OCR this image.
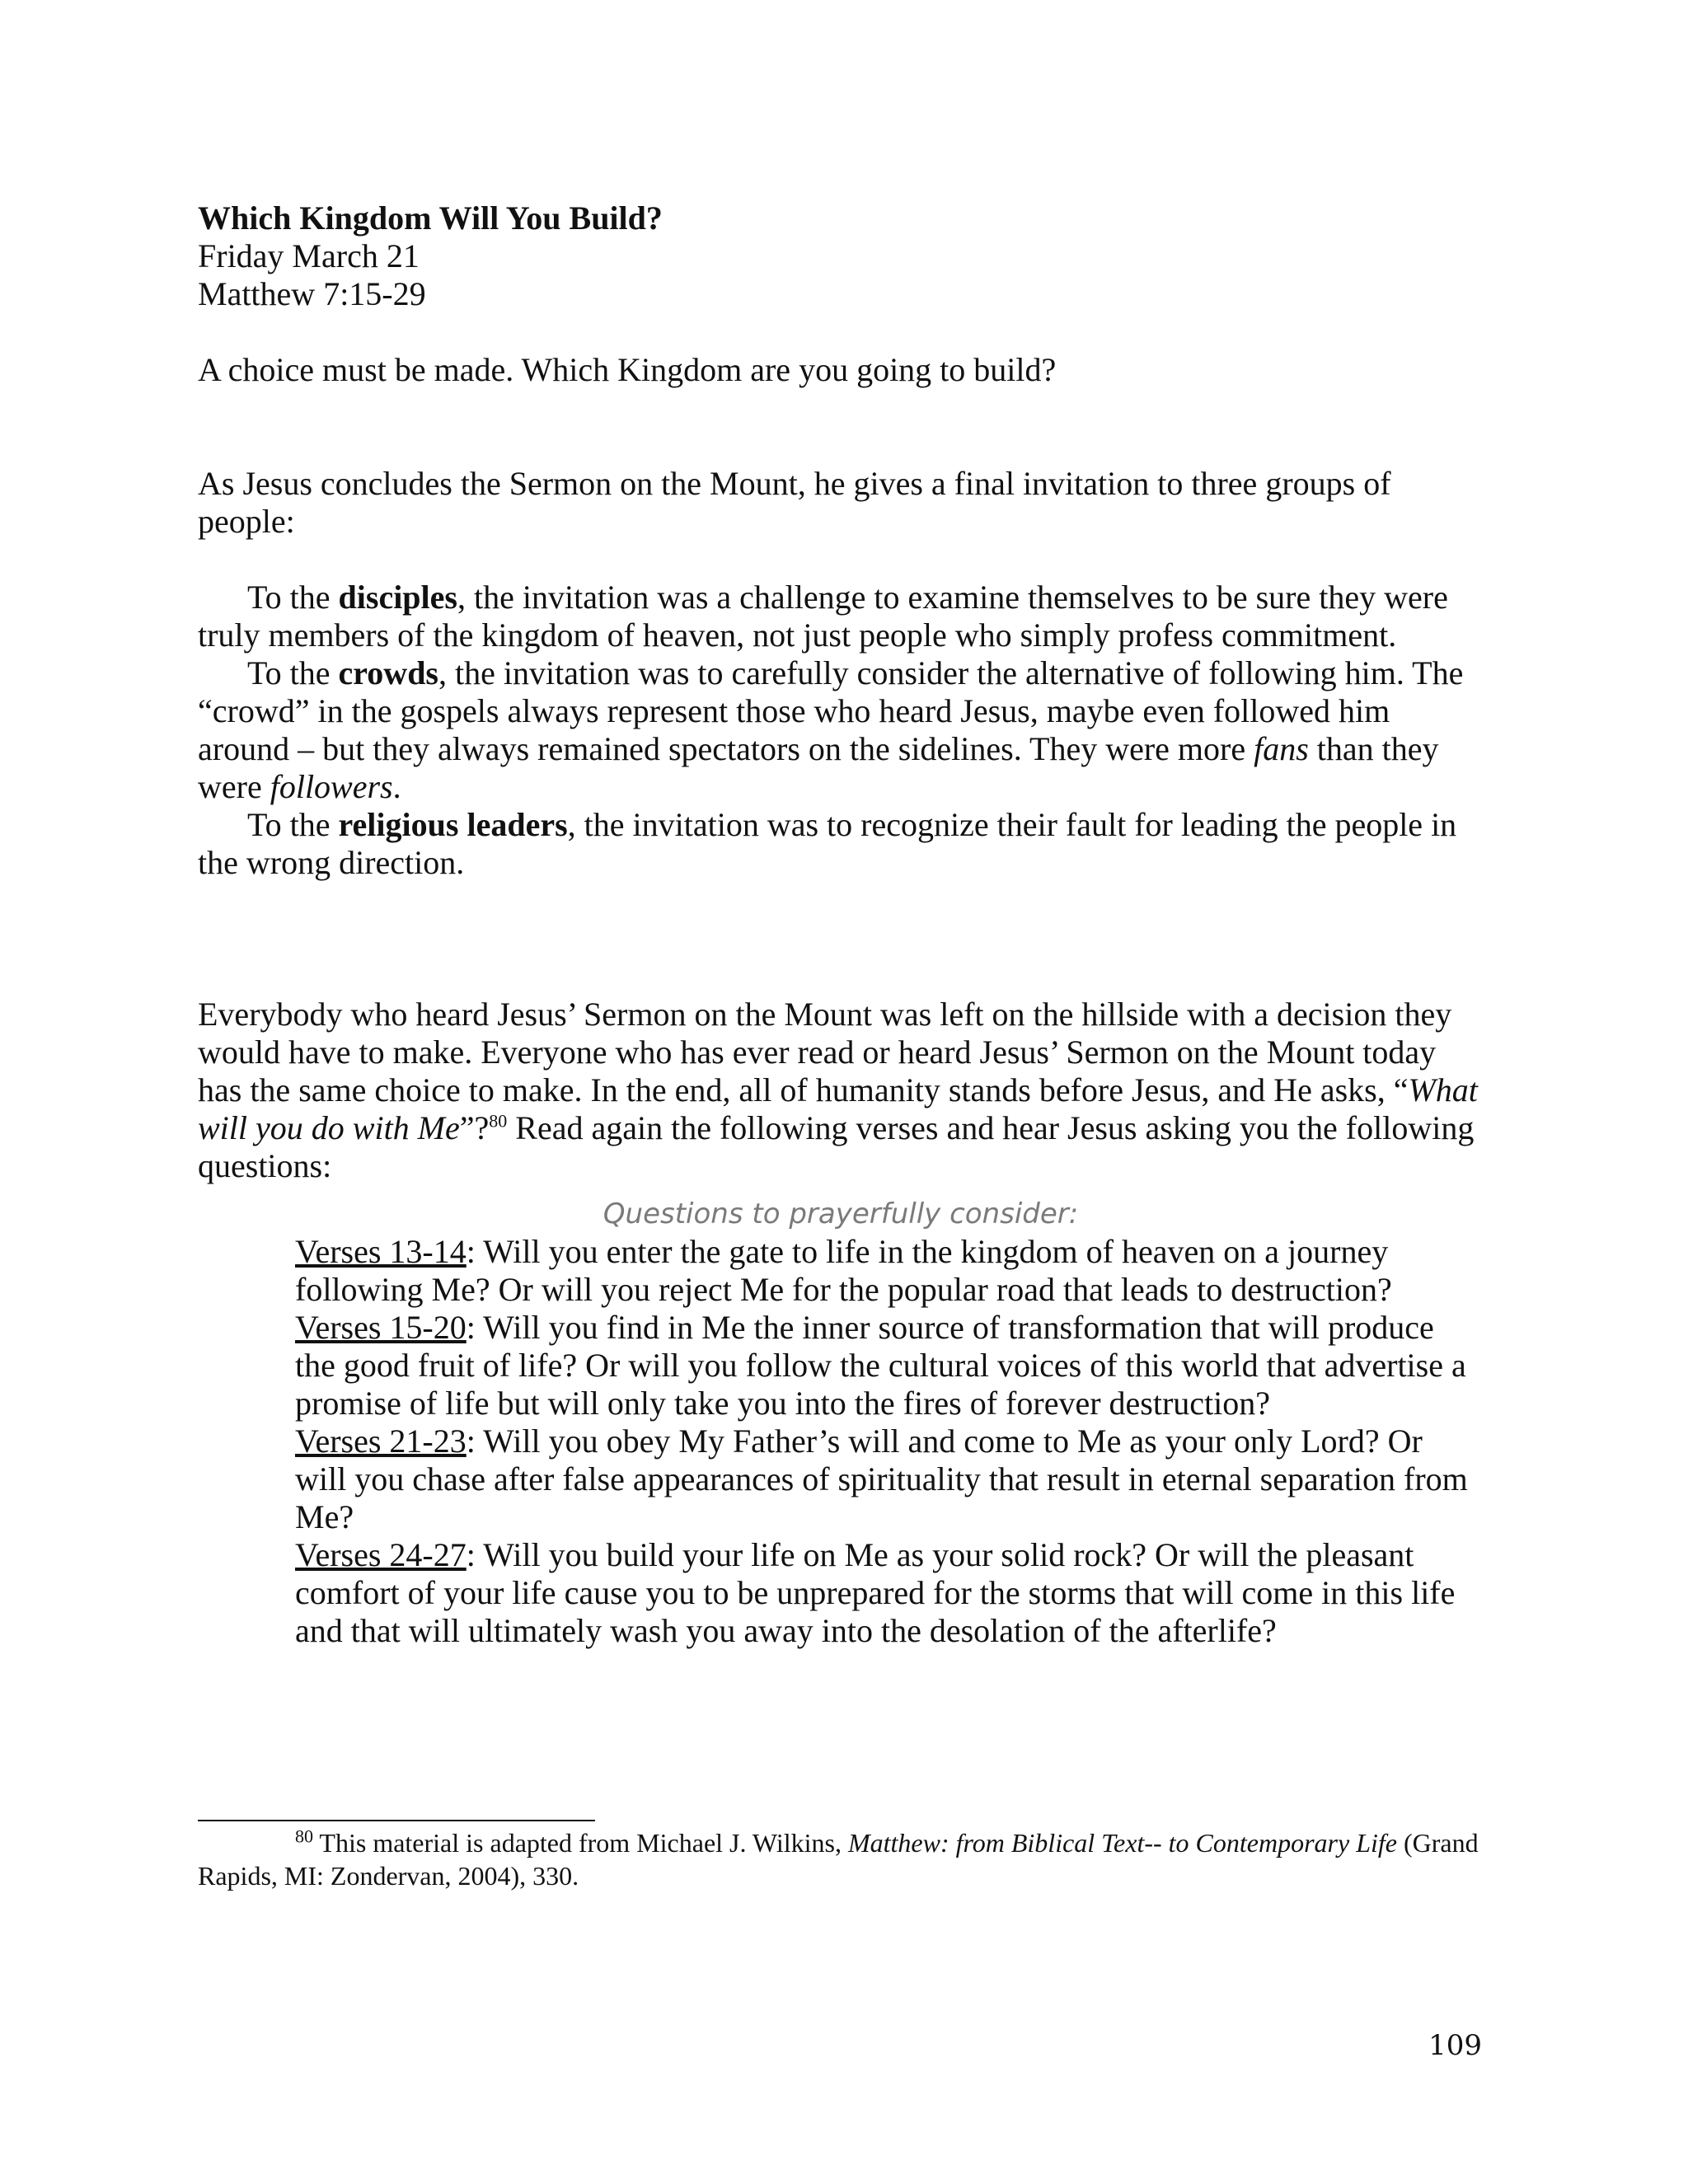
Which Kingdom Will You Build?

Friday March 21

Matthew 7:15-29

A choice must be made. Which Kingdom are you going to build?

As Jesus concludes the Sermon on the Mount, he gives a final invitation to three groups of people:

To the disciples, the invitation was a challenge to examine themselves to be sure they were truly members of the kingdom of heaven, not just people who simply profess commitment.

To the crowds, the invitation was to carefully consider the alternative of following him. The “crowd” in the gospels always represent those who heard Jesus, maybe even followed him around – but they always remained spectators on the sidelines. They were more fans than they were followers.

To the religious leaders, the invitation was to recognize their fault for leading the people in the wrong direction.

Everybody who heard Jesus’ Sermon on the Mount was left on the hillside with a decision they would have to make. Everyone who has ever read or heard Jesus’ Sermon on the Mount today has the same choice to make. In the end, all of humanity stands before Jesus, and He asks, “What will you do with Me”?$^{80}$ Read again the following verses and hear Jesus asking you the following questions:

Questions to prayerfully consider:

Verses 13-14: Will you enter the gate to life in the kingdom of heaven on a journey following Me? Or will you reject Me for the popular road that leads to destruction?

Verses 15-20: Will you find in Me the inner source of transformation that will produce the good fruit of life? Or will you follow the cultural voices of this world that advertise a promise of life but will only take you into the fires of forever destruction?

Verses 21-23: Will you obey My Father’s will and come to Me as your only Lord? Or will you chase after false appearances of spirituality that result in eternal separation from Me?

Verses 24-27: Will you build your life on Me as your solid rock? Or will the pleasant comfort of your life cause you to be unprepared for the storms that will come in this life and that will ultimately wash you away into the desolation of the afterlife?

$^{80}$ This material is adapted from Michael J. Wilkins, Matthew: from Biblical Text-- to Contemporary Life (Grand Rapids, MI: Zondervan, 2004), 330.

109
